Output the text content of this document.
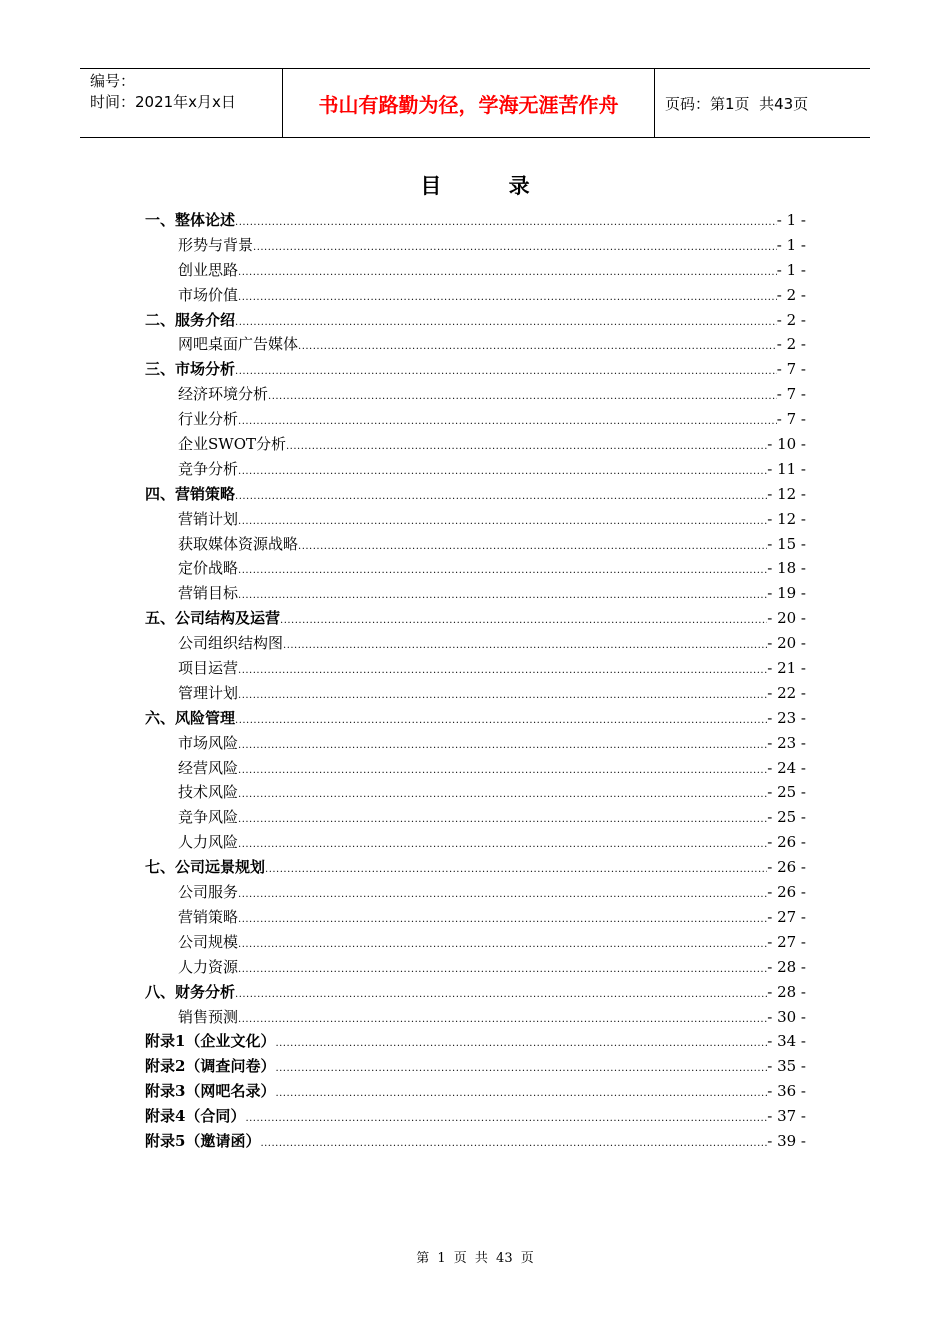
编号：
时间：2021年x月x日	书山有路勤为径，学海无涯苦作舟	页码：第1页  共43页
目	录
一、整体论述 .....	- 1 -
形势与背景 .....	- 1 -
创业思路 .....	- 1 -
市场价值 .....	- 2 -
二、服务介绍 .....	- 2 -
网吧桌面广告媒体 .....	- 2 -
三、市场分析 .....	- 7 -
经济环境分析 .....	- 7 -
行业分析 .....	- 7 -
企业SWOT分析 .....	- 10 -
竞争分析 .....	- 11 -
四、营销策略 .....	- 12 -
营销计划 .....	- 12 -
获取媒体资源战略 .....	- 15 -
定价战略 .....	- 18 -
营销目标 .....	- 19 -
五、公司结构及运营 .....	- 20 -
公司组织结构图 .....	- 20 -
项目运营 .....	- 21 -
管理计划 .....	- 22 -
六、风险管理 .....	- 23 -
市场风险 .....	- 23 -
经营风险 .....	- 24 -
技术风险 .....	- 25 -
竞争风险 .....	- 25 -
人力风险 .....	- 26 -
七、公司远景规划 .....	- 26 -
公司服务 .....	- 26 -
营销策略 .....	- 27 -
公司规模 .....	- 27 -
人力资源 .....	- 28 -
八、财务分析 .....	- 28 -
销售预测 .....	- 30 -
附录1（企业文化） .....	- 34 -
附录2（调查问卷） .....	- 35 -
附录3（网吧名录） .....	- 36 -
附录4（合同） .....	- 37 -
附录5（邀请函） .....	- 39 -
第 1 页 共 43 页
